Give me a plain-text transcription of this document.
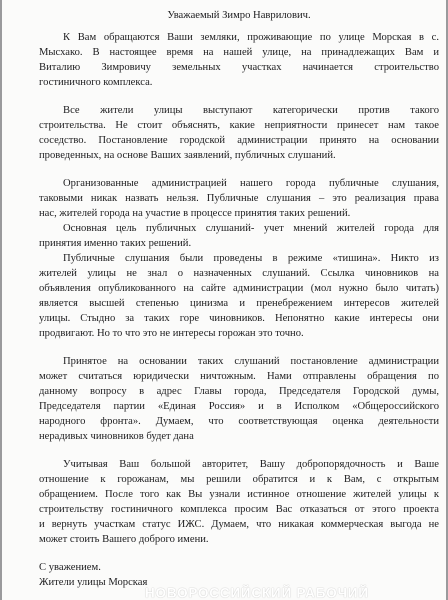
Уважаемый Зимро Наврилович.
К Вам обращаются Ваши земляки, проживающие по улице Морская в с.
Мысхако. В настоящее время на нашей улице, на принадлежащих Вам и
Виталию Зимровичу земельных участках начинается строительство
гостиничного комплекса.
Все жители улицы выступают категорически против такого
строительства. Не стоит объяснять, какие неприятности принесет нам такое
соседство. Постановление городской администрации принято на основании
проведенных, на основе Ваших заявлений, публичных слушаний.
Организованные администрацией нашего города публичные слушания,
таковыми никак назвать нельзя. Публичные слушания – это реализация права
нас, жителей города на участие в процессе принятия таких решений.
Основная цель публичных слушаний- учет мнений жителей города для
принятия именно таких решений.
Публичные слушания были проведены в режиме «тишина». Никто из
жителей улицы не знал о назначенных слушаний. Ссылка чиновников на
объявления опубликованного на сайте администрации (мол нужно было читать)
является высшей степенью цинизма и пренебрежением интересов жителей
улицы. Стыдно за таких горе чиновников. Непонятно какие интересы они
продвигают. Но то что это не интересы горожан это точно.
Принятое на основании таких слушаний постановление администрации
может считаться юридически ничтожным. Нами отправлены обращения по
данному вопросу в адрес Главы города, Председателя Городской думы,
Председателя партии «Единая Россия» и в Исполком «Общероссийского
народного фронта». Думаем, что соответствующая оценка деятельности
нерадивых чиновников будет дана
Учитывая Ваш большой авторитет, Вашу добропорядочность и Ваше
отношение к горожанам, мы решили обратится и к Вам, с открытым
обращением. После того как Вы узнали истинное отношение жителей улицы к
строительству гостиничного комплекса просим Вас отказаться от этого проекта
и вернуть участкам статус ИЖС. Думаем, что никакая коммерческая выгода не
может стоить Вашего доброго имени.
С уважением.
Жители улицы Морская
НОВОРОССИЙСКИЙ РАБОЧИЙ
